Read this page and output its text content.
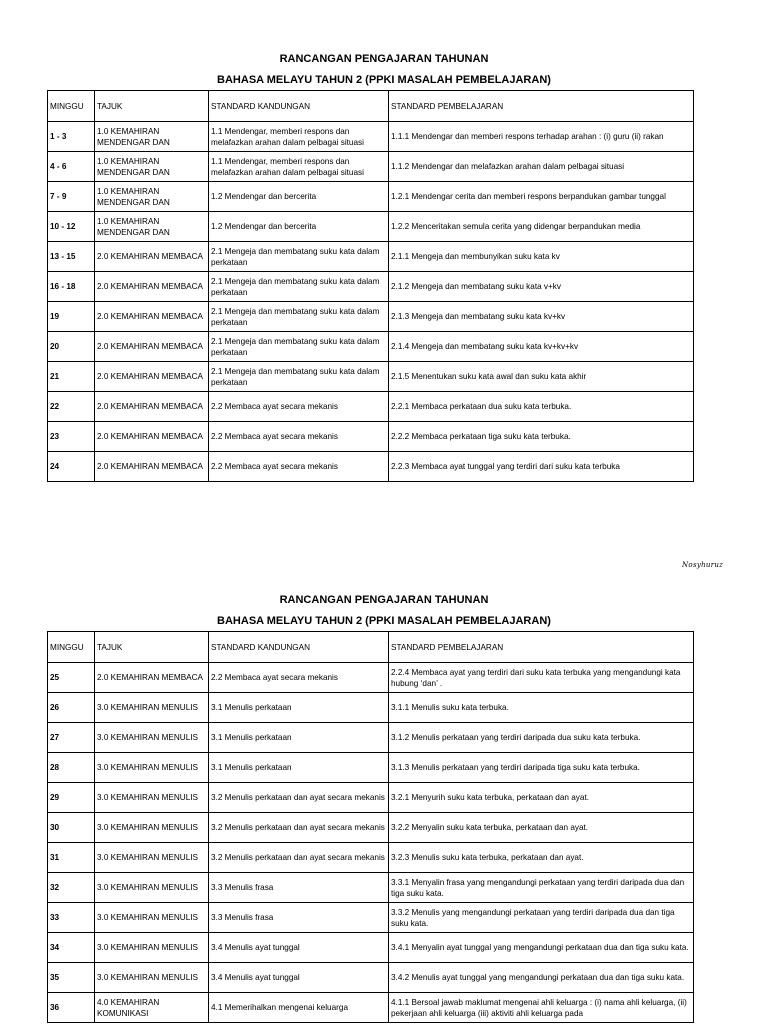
RANCANGAN PENGAJARAN TAHUNAN
BAHASA MELAYU TAHUN 2 (PPKI MASALAH PEMBELAJARAN)
MINGGU	TAJUK	STANDARD KANDUNGAN	STANDARD PEMBELAJARAN
1 - 3	1.0 KEMAHIRAN MENDENGAR DAN	1.1 Mendengar, memberi respons dan melafazkan arahan dalam pelbagai situasi	1.1.1 Mendengar dan memberi respons terhadap arahan : (i) guru (ii) rakan
4 - 6	1.0 KEMAHIRAN MENDENGAR DAN	1.1 Mendengar, memberi respons dan melafazkan arahan dalam pelbagai situasi	1.1.2 Mendengar dan melafazkan arahan dalam pelbagai situasi
7 - 9	1.0 KEMAHIRAN MENDENGAR DAN	1.2 Mendengar dan bercerita	1.2.1 Mendengar cerita dan memberi respons berpandukan gambar tunggal
10 - 12	1.0 KEMAHIRAN MENDENGAR DAN	1.2 Mendengar dan bercerita	1.2.2 Menceritakan semula cerita yang didengar berpandukan media
13 - 15	2.0 KEMAHIRAN MEMBACA	2.1 Mengeja dan membatang suku kata dalam perkataan	2.1.1 Mengeja dan membunyikan suku kata kv
16 - 18	2.0 KEMAHIRAN MEMBACA	2.1 Mengeja dan membatang suku kata dalam perkataan	2.1.2 Mengeja dan membatang suku kata v+kv
19	2.0 KEMAHIRAN MEMBACA	2.1 Mengeja dan membatang suku kata dalam perkataan	2.1.3 Mengeja dan membatang suku kata kv+kv
20	2.0 KEMAHIRAN MEMBACA	2.1 Mengeja dan membatang suku kata dalam perkataan	2.1.4 Mengeja dan membatang suku kata kv+kv+kv
21	2.0 KEMAHIRAN MEMBACA	2.1 Mengeja dan membatang suku kata dalam perkataan	2.1.5 Menentukan suku kata awal dan suku kata akhir
22	2.0 KEMAHIRAN MEMBACA	2.2 Membaca ayat secara mekanis	2.2.1 Membaca perkataan dua suku kata terbuka.
23	2.0 KEMAHIRAN MEMBACA	2.2 Membaca ayat secara mekanis	2.2.2 Membaca perkataan tiga suku kata terbuka.
24	2.0 KEMAHIRAN MEMBACA	2.2 Membaca ayat secara mekanis	2.2.3 Membaca ayat tunggal yang terdiri dari suku kata terbuka
Nosyhuruz
RANCANGAN PENGAJARAN TAHUNAN
BAHASA MELAYU TAHUN 2 (PPKI MASALAH PEMBELAJARAN)
MINGGU	TAJUK	STANDARD KANDUNGAN	STANDARD PEMBELAJARAN
25	2.0 KEMAHIRAN MEMBACA	2.2 Membaca ayat secara mekanis	2.2.4 Membaca ayat yang terdiri dari suku kata terbuka yang mengandungi kata hubung ‘dan’ .
26	3.0 KEMAHIRAN MENULIS	3.1 Menulis perkataan	3.1.1 Menulis suku kata terbuka.
27	3.0 KEMAHIRAN MENULIS	3.1 Menulis perkataan	3.1.2 Menulis perkataan yang terdiri daripada dua suku kata terbuka.
28	3.0 KEMAHIRAN MENULIS	3.1 Menulis perkataan	3.1.3 Menulis perkataan yang terdiri daripada tiga suku kata terbuka.
29	3.0 KEMAHIRAN MENULIS	3.2 Menulis perkataan dan ayat secara mekanis	3.2.1 Menyurih suku kata terbuka, perkataan dan ayat.
30	3.0 KEMAHIRAN MENULIS	3.2 Menulis perkataan dan ayat secara mekanis	3.2.2 Menyalin suku kata terbuka, perkataan dan ayat.
31	3.0 KEMAHIRAN MENULIS	3.2 Menulis perkataan dan ayat secara mekanis	3.2.3 Menulis suku kata terbuka, perkataan dan ayat.
32	3.0 KEMAHIRAN MENULIS	3.3 Menulis frasa	3.3.1 Menyalin frasa yang mengandungi perkataan yang terdiri daripada dua dan tiga suku kata.
33	3.0 KEMAHIRAN MENULIS	3.3 Menulis frasa	3.3.2 Menulis yang mengandungi perkataan yang terdiri daripada dua dan tiga suku kata.
34	3.0 KEMAHIRAN MENULIS	3.4 Menulis ayat tunggal	3.4.1 Menyalin ayat tunggal yang mengandungi perkataan dua dan tiga suku kata.
35	3.0 KEMAHIRAN MENULIS	3.4 Menulis ayat tunggal	3.4.2 Menulis ayat tunggal yang mengandungi perkataan dua dan tiga suku kata.
36	4.0 KEMAHIRAN KOMUNIKASI	4.1 Memerihalkan mengenai keluarga	4.1.1 Bersoal jawab maklumat mengenai ahli keluarga : (i) nama ahli keluarga, (ii) pekerjaan ahli keluarga (iii) aktiviti ahli keluarga pada
